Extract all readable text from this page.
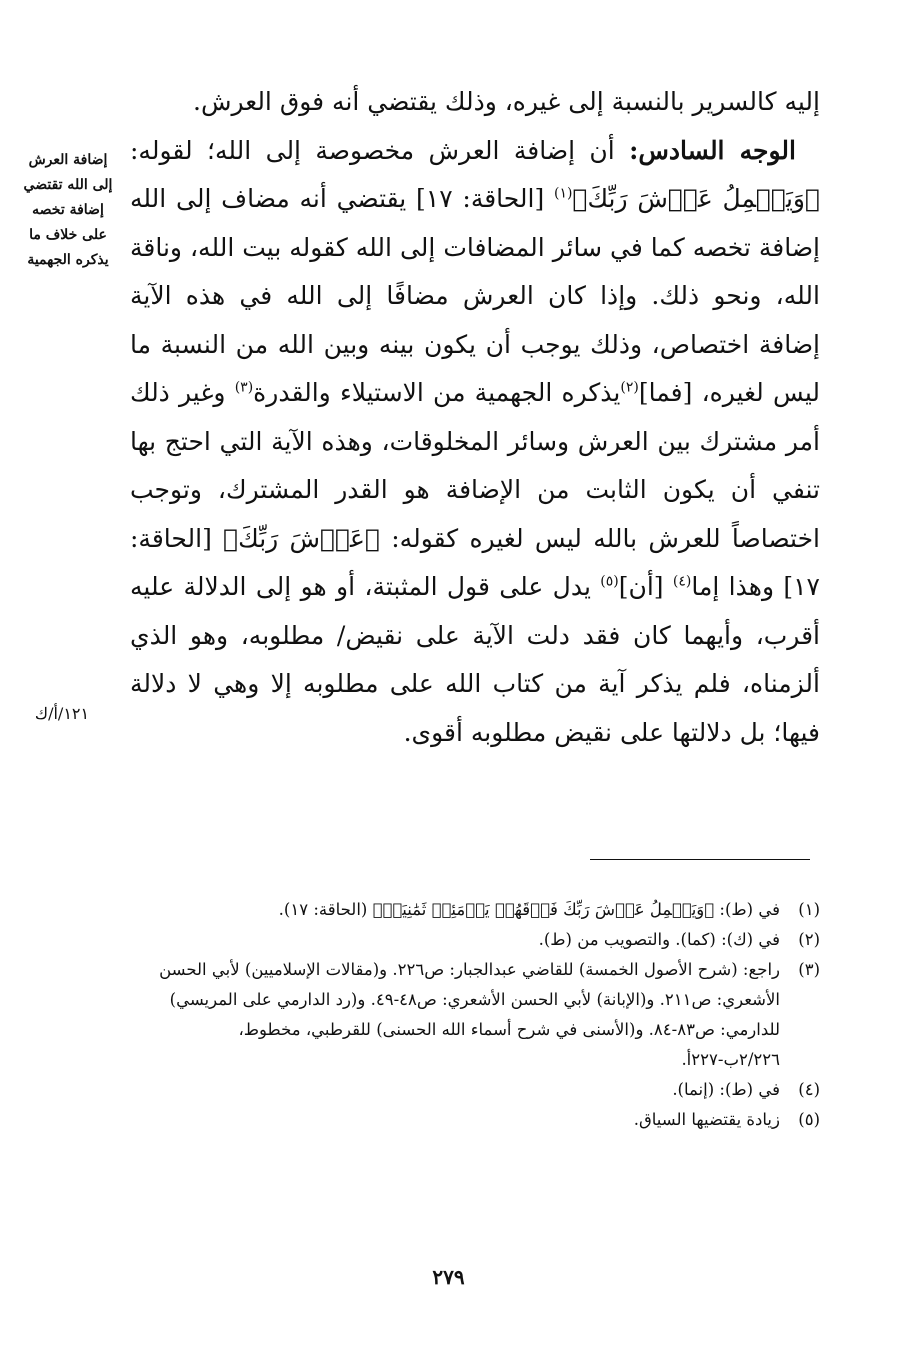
إليه كالسرير بالنسبة إلى غيره، وذلك يقتضي أنه فوق العرش.

الوجه السادس: أن إضافة العرش مخصوصة إلى الله؛ لقوله: ﴿وَيَحۡمِلُ عَرۡشَ رَبِّكَ﴾$^{(١)}$ [الحاقة: ١٧] يقتضي أنه مضاف إلى الله إضافة تخصه كما في سائر المضافات إلى الله كقوله بيت الله، وناقة الله، ونحو ذلك. وإذا كان العرش مضافًا إلى الله في هذه الآية إضافة اختصاص، وذلك يوجب أن يكون بينه وبين الله من النسبة ما ليس لغيره، [فما]$^{(٢)}$يذكره الجهمية من الاستيلاء والقدرة$^{(٣)}$ وغير ذلك أمر مشترك بين العرش وسائر المخلوقات، وهذه الآية التي احتج بها تنفي أن يكون الثابت من الإضافة هو القدر المشترك، وتوجب اختصاصاً للعرش بالله ليس لغيره كقوله: ﴿عَرۡشَ رَبِّكَ﴾ [الحاقة: ١٧] وهذا إما$^{(٤)}$ [أن]$^{(٥)}$ يدل على قول المثبتة، أو هو إلى الدلالة عليه أقرب، وأيهما كان فقد دلت الآية على نقيض/ مطلوبه، وهو الذي ألزمناه، فلم يذكر آية من كتاب الله على مطلوبه إلا وهي لا دلالة فيها؛ بل دلالتها على نقيض مطلوبه أقوى.

إضافة العرش إلى الله تقتضي إضافة تخصه على خلاف ما يذكره الجهمية
١٢١/أ/ك
(١)
في (ط): ﴿وَيَحۡمِلُ عَرۡشَ رَبِّكَ فَوۡقَهُمۡ يَوۡمَئِذٖ ثَمَٰنِيَةٞ﴾ (الحاقة: ١٧).
(٢)
في (ك): (كما). والتصويب من (ط).
(٣)
راجع: (شرح الأصول الخمسة) للقاضي عبدالجبار: ص٢٢٦. و(مقالات الإسلاميين) لأبي الحسن الأشعري: ص٢١١. و(الإبانة) لأبي الحسن الأشعري: ص٤٨-٤٩. و(رد الدارمي على المريسي) للدارمي: ص٨٣-٨٤. و(الأسنى في شرح أسماء الله الحسنى) للقرطبي، مخطوط، ٢/٢٢٦ب-٢٢٧أ.
(٤)
في (ط): (إنما).
(٥)
زيادة يقتضيها السياق.
٢٧٩
